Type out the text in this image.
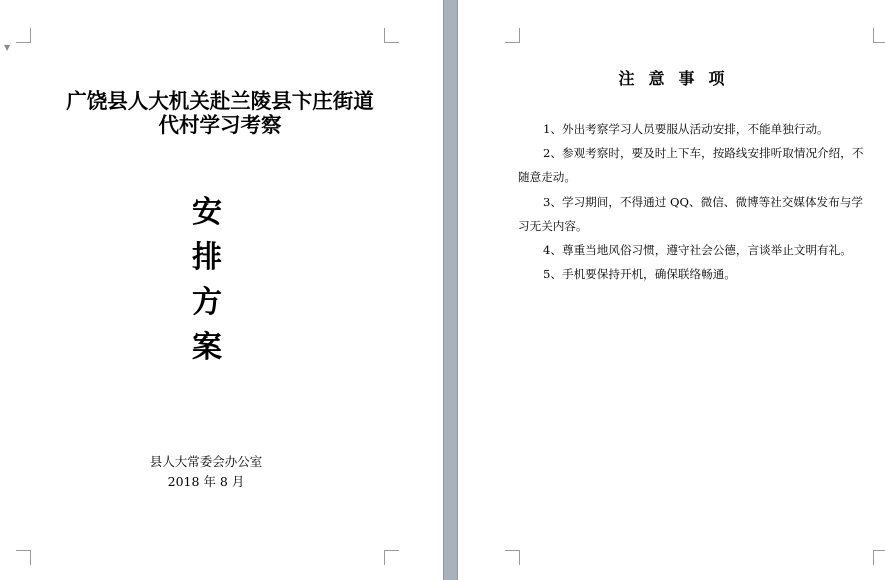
▼
广饶县人大机关赴兰陵县卞庄街道
代村学习考察
安
排
方
案
县人大常委会办公室
2018 年 8 月
注意事项

1、外出考察学习人员要服从活动安排，不能单独行动。

2、参观考察时，要及时上下车，按路线安排听取情况介绍，不随意走动。

3、学习期间，不得通过 QQ、微信、微博等社交媒体发布与学习无关内容。

4、尊重当地风俗习惯，遵守社会公德，言谈举止文明有礼。

5、手机要保持开机，确保联络畅通。
